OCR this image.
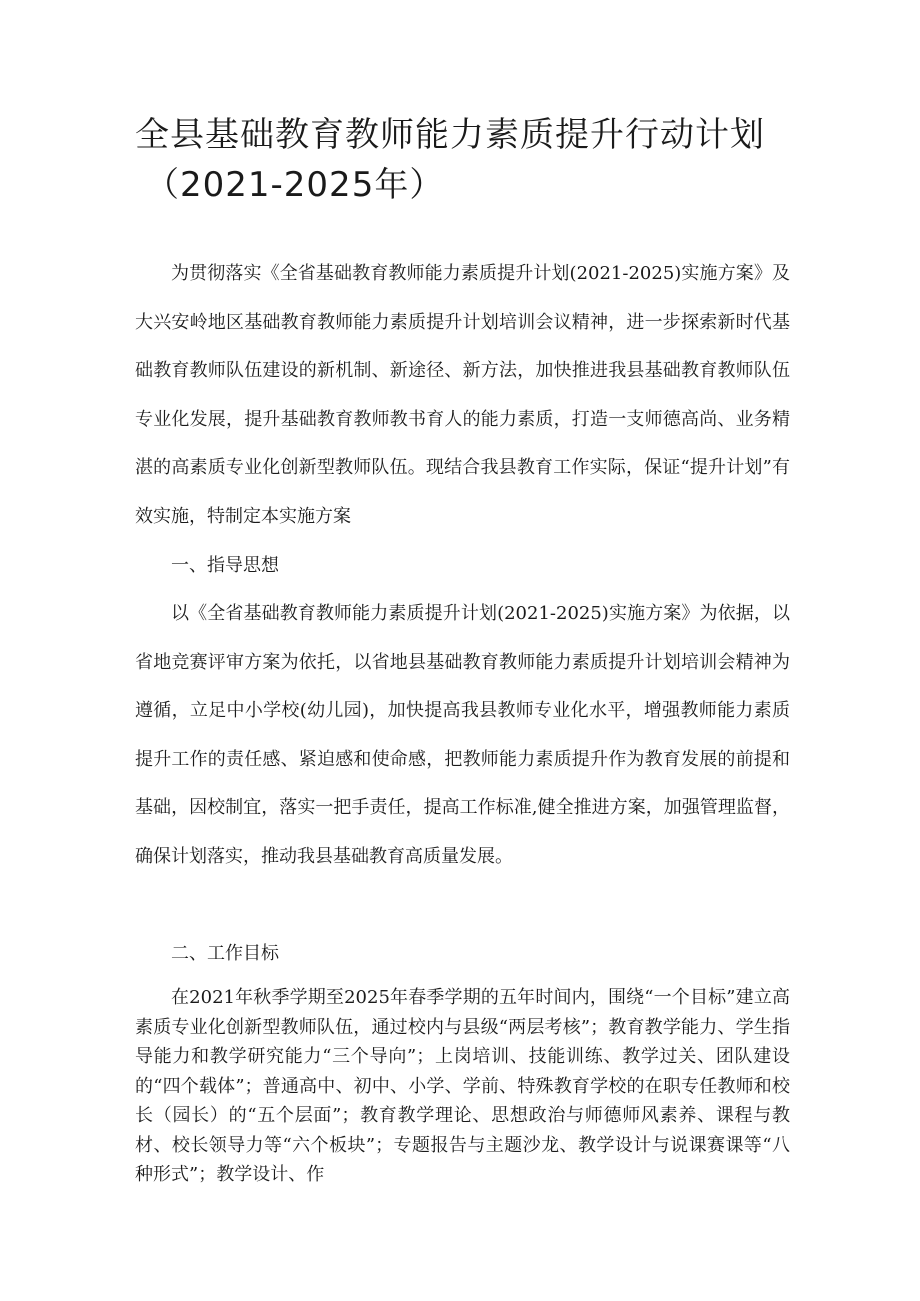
全县基础教育教师能力素质提升行动计划
（2021-2025年）

为贯彻落实《全省基础教育教师能力素质提升计划(2021-2025)实施方案》及大兴安岭地区基础教育教师能力素质提升计划培训会议精神，进一步探索新时代基础教育教师队伍建设的新机制、新途径、新方法，加快推进我县基础教育教师队伍专业化发展，提升基础教育教师教书育人的能力素质，打造一支师德高尚、业务精湛的高素质专业化创新型教师队伍。现结合我县教育工作实际，保证“提升计划”有效实施，特制定本实施方案

一、指导思想

以《全省基础教育教师能力素质提升计划(2021-2025)实施方案》为依据，以省地竞赛评审方案为依托，以省地县基础教育教师能力素质提升计划培训会精神为遵循，立足中小学校(幼儿园)，加快提高我县教师专业化水平，增强教师能力素质提升工作的责任感、紧迫感和使命感，把教师能力素质提升作为教育发展的前提和基础，因校制宜，落实一把手责任，提高工作标准,健全推进方案，加强管理监督，确保计划落实，推动我县基础教育高质量发展。

二、工作目标

在2021年秋季学期至2025年春季学期的五年时间内，围绕“一个目标”建立高素质专业化创新型教师队伍，通过校内与县级“两层考核”；教育教学能力、学生指导能力和教学研究能力“三个导向”；上岗培训、技能训练、教学过关、团队建设的“四个载体”；普通高中、初中、小学、学前、特殊教育学校的在职专任教师和校长（园长）的“五个层面”；教育教学理论、思想政治与师德师风素养、课程与教材、校长领导力等“六个板块”；专题报告与主题沙龙、教学设计与说课赛课等“八种形式”；教学设计、作
